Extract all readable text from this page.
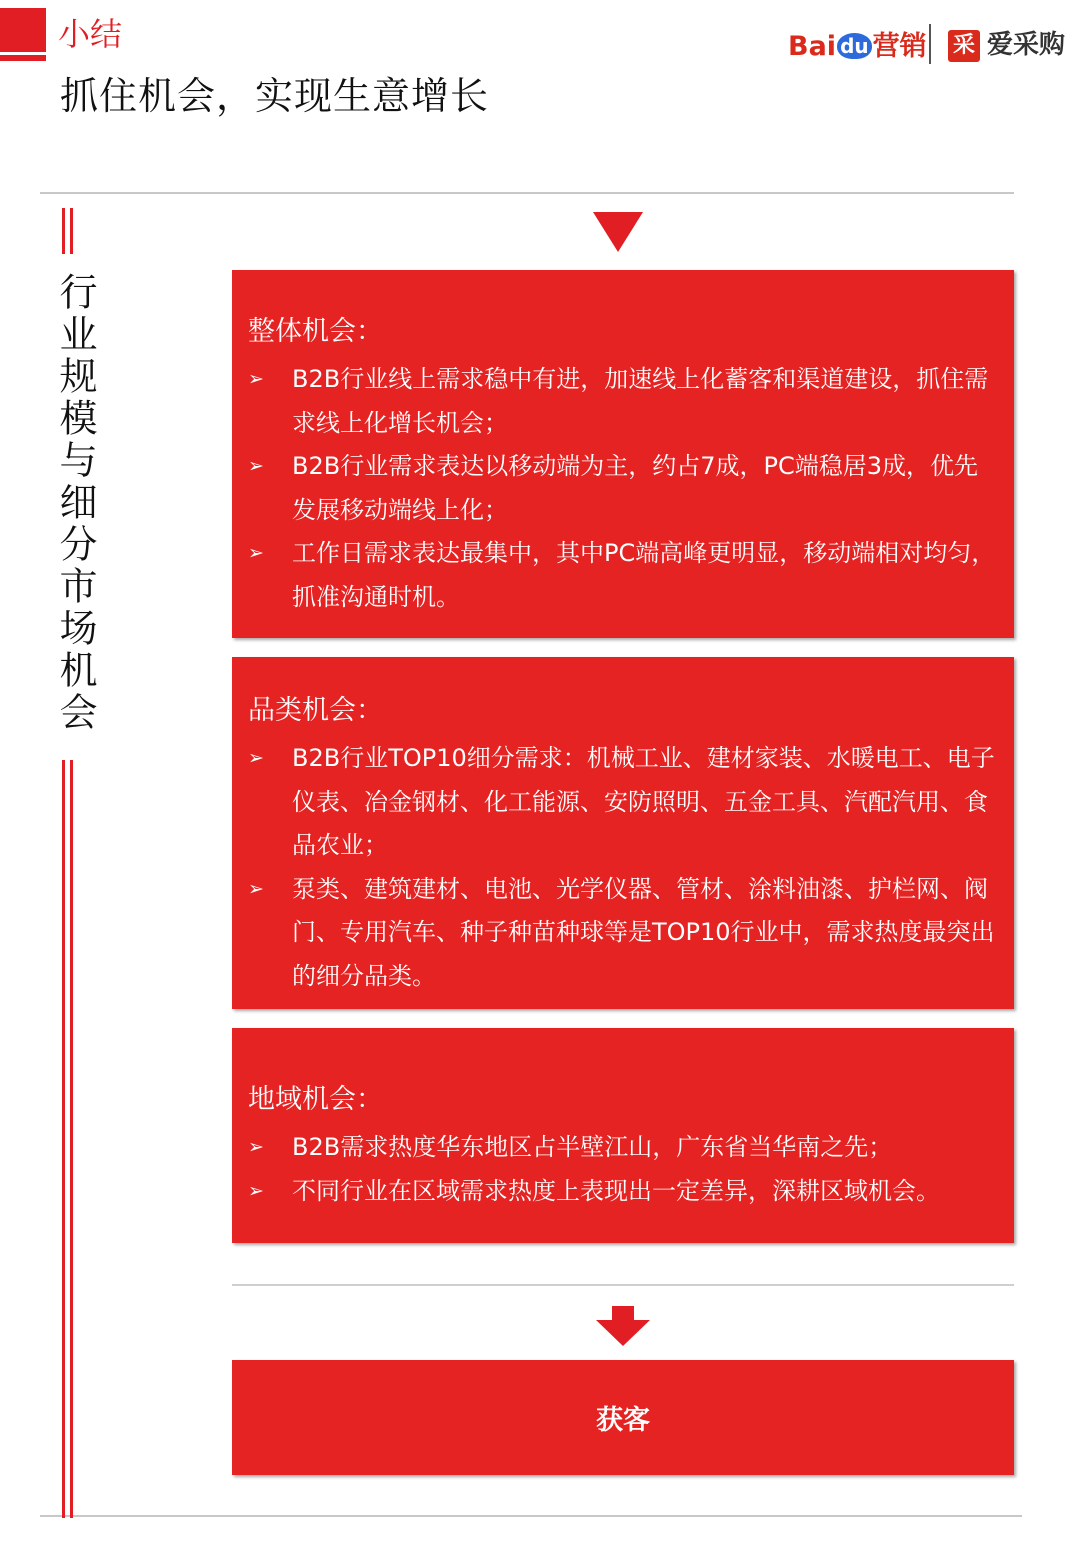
小结
抓住机会，实现生意增长
Bai du 营销 采 爱采购
行业规模与细分市场机会	整体机会：
➢	B2B行业线上需求稳中有进，加速线上化蓄客和渠道建设，抓住需求线上化增长机会；
➢	B2B行业需求表达以移动端为主，约占7成，PC端稳居3成，优先发展移动端线上化；
➢	工作日需求表达最集中，其中PC端高峰更明显，移动端相对均匀，抓准沟通时机。
品类机会：
➢	B2B行业TOP10细分需求：机械工业、建材家装、水暖电工、电子仪表、冶金钢材、化工能源、安防照明、五金工具、汽配汽用、食品农业；
➢	泵类、建筑建材、电池、光学仪器、管材、涂料油漆、护栏网、阀门、专用汽车、种子种苗种球等是TOP10行业中，需求热度最突出的细分品类。
地域机会：
➢	B2B需求热度华东地区占半壁江山，广东省当华南之先；
➢	不同行业在区域需求热度上表现出一定差异，深耕区域机会。
获客
